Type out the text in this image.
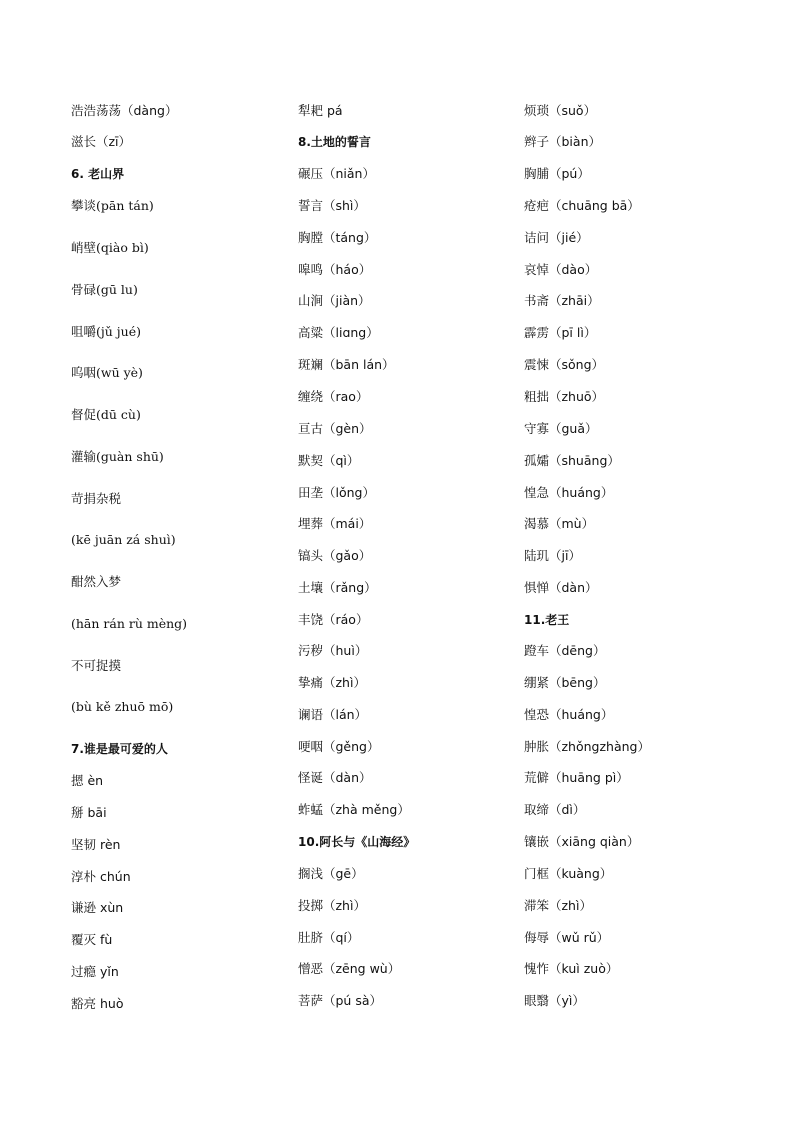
浩浩荡荡（dàng）
滋长（zī）
6. 老山界
攀谈(pān tán)
峭壁(qiào bì)
骨碌(gū lu)
咀嚼(jǔ jué)
呜咽(wū yè)
督促(dū cù)
灌输(guàn shū)
苛捐杂税
(kē juān zá shuì)
酣然入梦
(hān rán rù mèng)
不可捉摸
(bù kě zhuō mō)
7.谁是最可爱的人
摁 èn
掰 bāi
坚韧 rèn
淳朴 chún
谦逊 xùn
覆灭 fù
过瘾 yǐn
豁亮 huò
犁耙 pá
8.土地的誓言
碾压（niǎn）
誓言（shì）
胸膛（táng）
嗥鸣（háo）
山涧（jiàn）
高粱（liɑng）
斑斓（bān lán）
缠绕（rao）
亘古（gèn）
默契（qì）
田垄（lǒng）
埋葬（mái）
镐头（gǎo）
土壤（rǎng）
丰饶（ráo）
污秽（huì）
挚痛（zhì）
谰语（lán）
哽咽（gěng）
怪诞（dàn）
蚱蜢（zhà měng）
10.阿长与《山海经》
搁浅（gē）
投掷（zhì）
肚脐（qí）
憎恶（zēng wù）
菩萨（pú sà）
烦琐（suǒ）
辫子（biàn）
胸脯（pú）
疮疤（chuāng bā）
诘问（jié）
哀悼（dào）
书斋（zhāi）
霹雳（pī lì）
震悚（sǒng）
粗拙（zhuō）
守寡（guǎ）
孤孀（shuāng）
惶急（huáng）
渴慕（mù）
陆玑（jī）
惧惮（dàn）
11.老王
蹬车（dēng）
绷紧（bēng）
惶恐（huáng）
肿胀（zhǒngzhàng）
荒僻（huāng pì）
取缔（dì）
镶嵌（xiāng qiàn）
门框（kuàng）
滞笨（zhì）
侮辱（wǔ rǔ）
愧怍（kuì zuò）
眼翳（yì）
